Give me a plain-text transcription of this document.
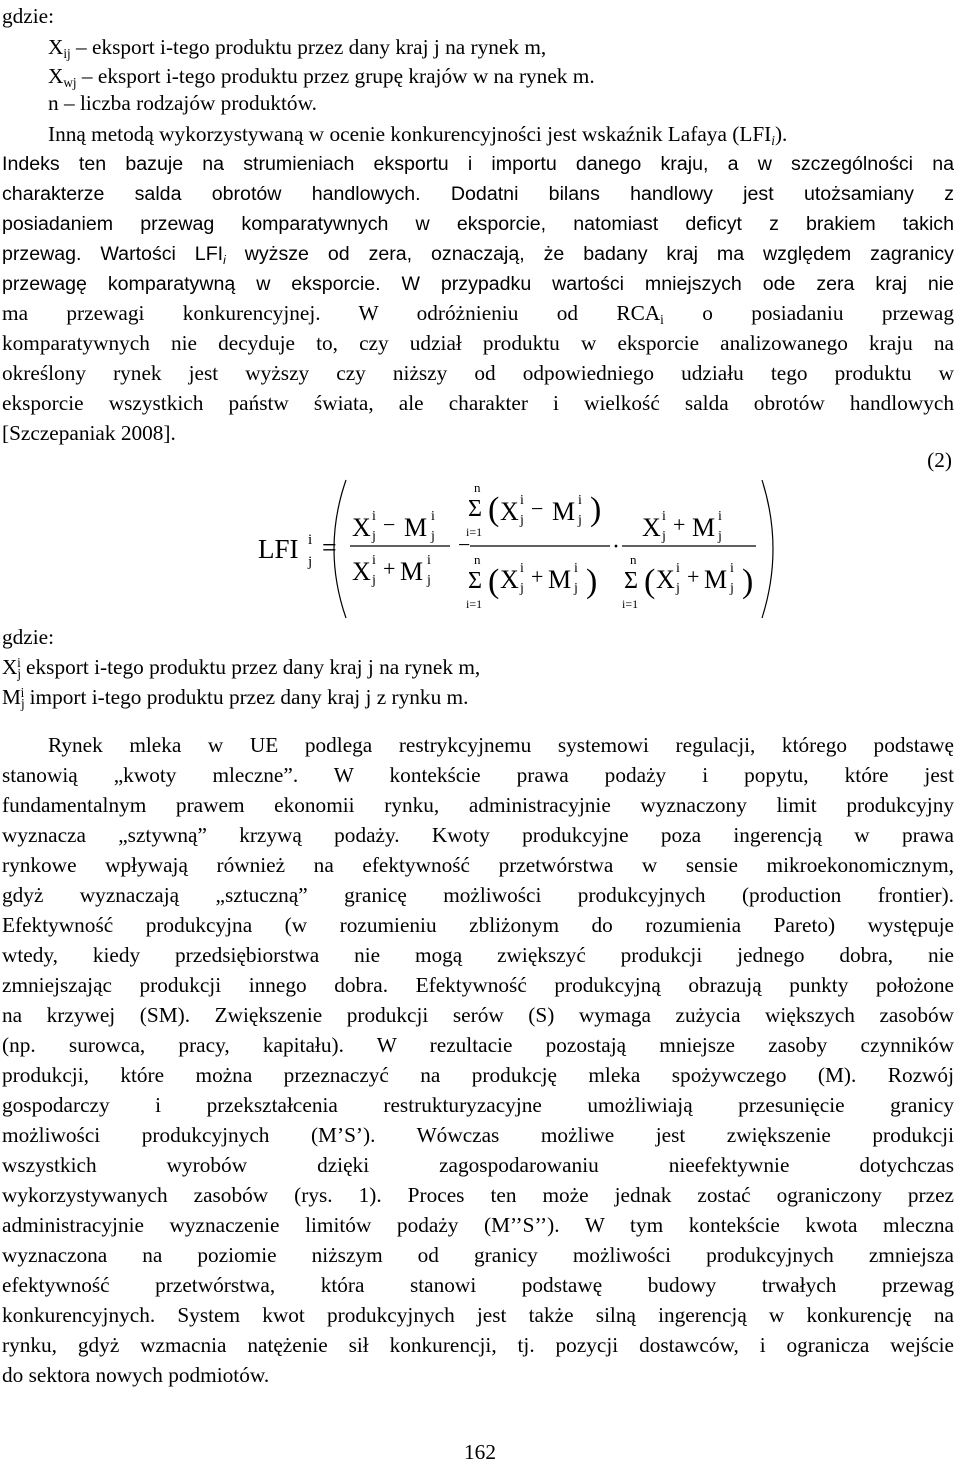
gdzie:
$X_{ij}$ – eksport i-tego produktu przez dany kraj j na rynek m,
$X_{wj}$ – eksport i-tego produktu przez grupę krajów w na rynek m.
n – liczba rodzajów produktów.
Inną metodą wykorzystywaną w ocenie konkurencyjności jest wskaźnik Lafaya $(LFI_i)$.
Indeks ten bazuje na strumieniach eksportu i importu danego kraju, a w szczególności na
charakterze salda obrotów handlowych. Dodatni bilans handlowy jest utożsamiany z
posiadaniem przewag komparatywnych w eksporcie, natomiast deficyt z brakiem takich
przewag. Wartości $LFI_i$ wyższe od zera, oznaczają, że badany kraj ma względem zagranicy
przewagę komparatywną w eksporcie. W przypadku wartości mniejszych ode zera kraj nie
ma przewagi konkurencyjnej. W odróżnieniu od $RCA_i$ o posiadaniu przewag
komparatywnych nie decyduje to, czy udział produktu w eksporcie analizowanego kraju na
określony rynek jest wyższy czy niższy od odpowiedniego udziału tego produktu w
eksporcie wszystkich państw świata, ale charakter i wielkość salda obrotów handlowych
[Szczepaniak 2008].
(2)
LFI i
j =
X i
j − M i
j
X i
j + M i
j
−
n
Σ
i=1
( X i
j − M i
j )
n
Σ
i=1
( X i
j + M i
j )
·
X i
j + M i
j
n
Σ
i=1
( X i
j + M i
j )
gdzie:
$X_j^i$ eksport i-tego produktu przez dany kraj j na rynek m,
$M_j^i$ import i-tego produktu przez dany kraj j z rynku m.
Rynek mleka w UE podlega restrykcyjnemu systemowi regulacji, którego podstawę
stanowią „kwoty mleczne”. W kontekście prawa podaży i popytu, które jest
fundamentalnym prawem ekonomii rynku, administracyjnie wyznaczony limit produkcyjny
wyznacza „sztywną” krzywą podaży. Kwoty produkcyjne poza ingerencją w prawa
rynkowe wpływają również na efektywność przetwórstwa w sensie mikroekonomicznym,
gdyż wyznaczają „sztuczną” granicę możliwości produkcyjnych (production frontier).
Efektywność produkcyjna (w rozumieniu zbliżonym do rozumienia Pareto) występuje
wtedy, kiedy przedsiębiorstwa nie mogą zwiększyć produkcji jednego dobra, nie
zmniejszając produkcji innego dobra. Efektywność produkcyjną obrazują punkty położone
na krzywej (SM). Zwiększenie produkcji serów (S) wymaga zużycia większych zasobów
(np. surowca, pracy, kapitału). W rezultacie pozostają mniejsze zasoby czynników
produkcji, które można przeznaczyć na produkcję mleka spożywczego (M). Rozwój
gospodarczy i przekształcenia restrukturyzacyjne umożliwiają przesunięcie granicy
możliwości produkcyjnych (M’S’). Wówczas możliwe jest zwiększenie produkcji
wszystkich wyrobów dzięki zagospodarowaniu nieefektywnie dotychczas
wykorzystywanych zasobów (rys. 1). Proces ten może jednak zostać ograniczony przez
administracyjnie wyznaczenie limitów podaży (M’’S’’). W tym kontekście kwota mleczna
wyznaczona na poziomie niższym od granicy możliwości produkcyjnych zmniejsza
efektywność przetwórstwa, która stanowi podstawę budowy trwałych przewag
konkurencyjnych. System kwot produkcyjnych jest także silną ingerencją w konkurencję na
rynku, gdyż wzmacnia natężenie sił konkurencji, tj. pozycji dostawców, i ogranicza wejście
do sektora nowych podmiotów.
162
